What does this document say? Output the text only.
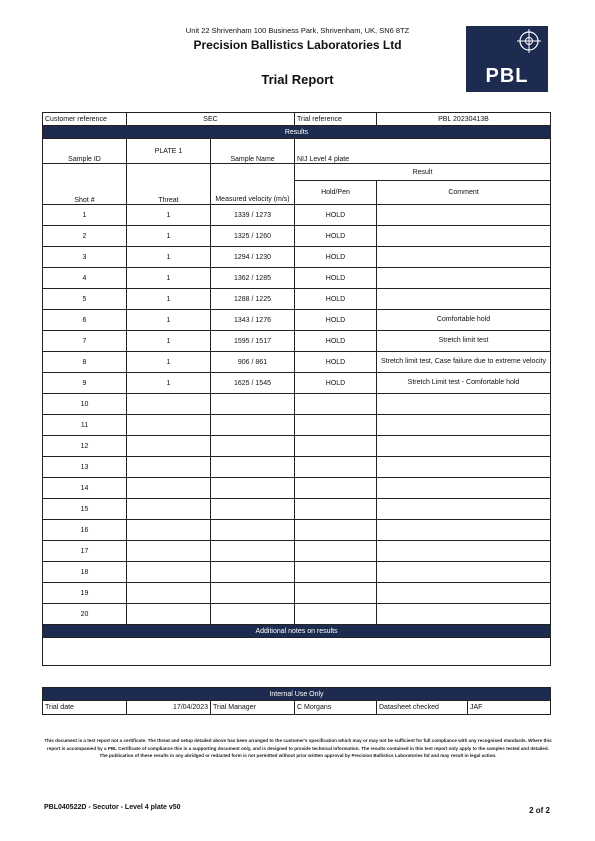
Unit 22 Shrivenham 100 Business Park, Shrivenham, UK, SN6 8TZ
Precision Ballistics Laboratories Ltd
Trial Report	PBL
Customer reference	SEC		Trial reference	PBL 20230413B
Results				
Sample ID	PLATE 1	Sample Name	NIJ Level 4 plate	
Shot #	Threat	Measured velocity (m/s)	Result	
			Hold/Pen	Comment
1	1	1339 / 1273	HOLD	
2	1	1325 / 1260	HOLD	
3	1	1294 / 1230	HOLD	
4	1	1362 / 1285	HOLD	
5	1	1288 / 1225	HOLD	
6	1	1343 / 1276	HOLD	Comfortable hold
7	1	1595 / 1517	HOLD	Stretch limit test
8	1	906 / 861	HOLD	Stretch limit test, Case failure due to extreme velocity
9	1	1625 / 1545	HOLD	Stretch Limit test - Comfortable hold
10				
11				
12				
13				
14				
15				
16				
17				
18				
19				
20				
Additional notes on results				

Internal Use Only
Trial date	17/04/2023	Trial Manager	C Morgans	Datasheet checked	JAF
This document is a test report not a certificate. The threat and setup detailed above has been arranged to the customer's specification which may or may not be sufficient for full compliance with any recognised standards. Where this report is accompanied by a PBL Certificate of compliance this is a supporting document only, and is designed to provide technical information. The results contained in this test report only apply to the samples tested and detailed. The publication of these results in any abridged or redacted form is not permitted without prior written approval by Precision Ballistics Laboratories ltd and may result in legal action.
PBL040522D - Secutor - Level 4 plate v50	2 of 2
